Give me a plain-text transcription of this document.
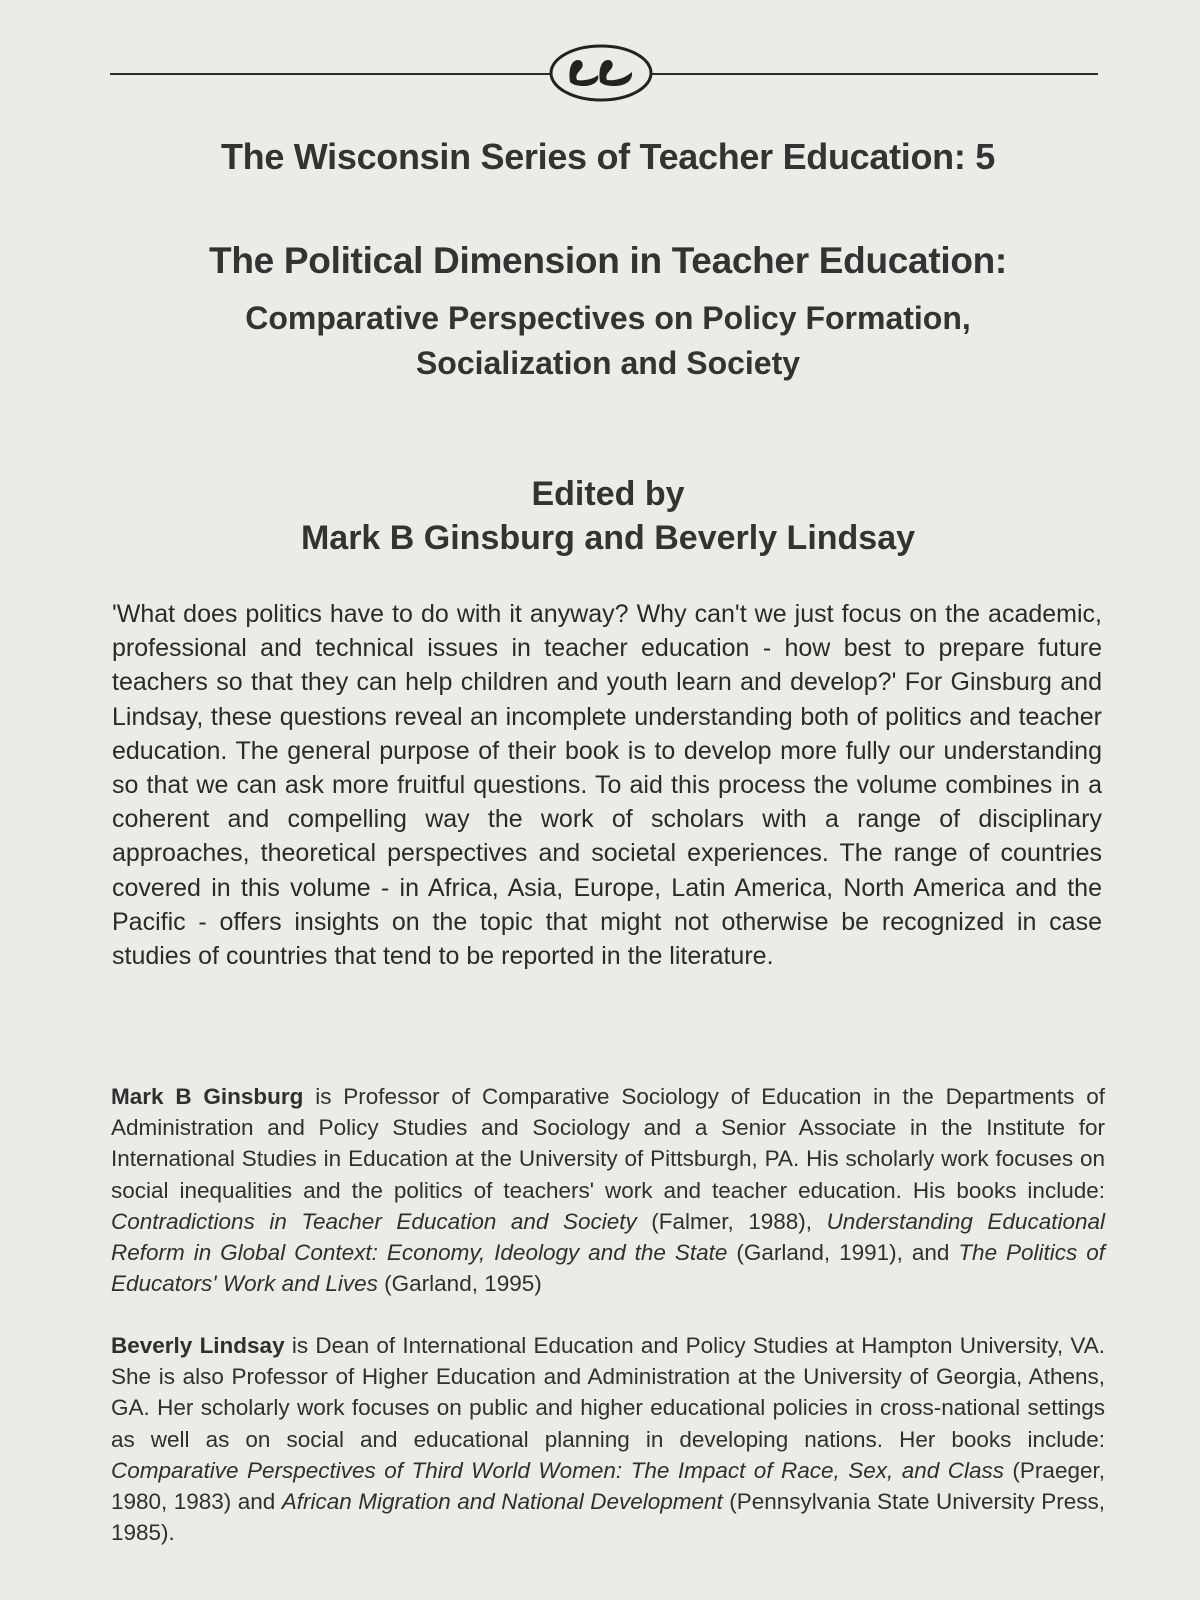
The Wisconsin Series of Teacher Education: 5
The Political Dimension in Teacher Education:
Comparative Perspectives on Policy Formation,
Socialization and Society
Edited by
Mark B Ginsburg and Beverly Lindsay
'What does politics have to do with it anyway? Why can't we just focus on the academic, professional and technical issues in teacher education - how best to prepare future teachers so that they can help children and youth learn and develop?' For Ginsburg and Lindsay, these questions reveal an incomplete understanding both of politics and teacher education. The general purpose of their book is to develop more fully our understanding so that we can ask more fruitful questions. To aid this process the volume combines in a coherent and compelling way the work of scholars with a range of disciplinary approaches, theoretical perspectives and societal experiences. The range of countries covered in this volume - in Africa, Asia, Europe, Latin America, North America and the Pacific - offers insights on the topic that might not otherwise be recognized in case studies of countries that tend to be reported in the literature.
Mark B Ginsburg is Professor of Comparative Sociology of Education in the Departments of Administration and Policy Studies and Sociology and a Senior Associate in the Institute for International Studies in Education at the University of Pittsburgh, PA. His scholarly work focuses on social inequalities and the politics of teachers' work and teacher education. His books include: Contradictions in Teacher Education and Society (Falmer, 1988), Understanding Educational Reform in Global Context: Economy, Ideology and the State (Garland, 1991), and The Politics of Educators' Work and Lives (Garland, 1995)
Beverly Lindsay is Dean of International Education and Policy Studies at Hampton University, VA. She is also Professor of Higher Education and Administration at the University of Georgia, Athens, GA. Her scholarly work focuses on public and higher educational policies in cross-national settings as well as on social and educational planning in developing nations. Her books include: Comparative Perspectives of Third World Women: The Impact of Race, Sex, and Class (Praeger, 1980, 1983) and African Migration and National Development (Pennsylvania State University Press, 1985).
